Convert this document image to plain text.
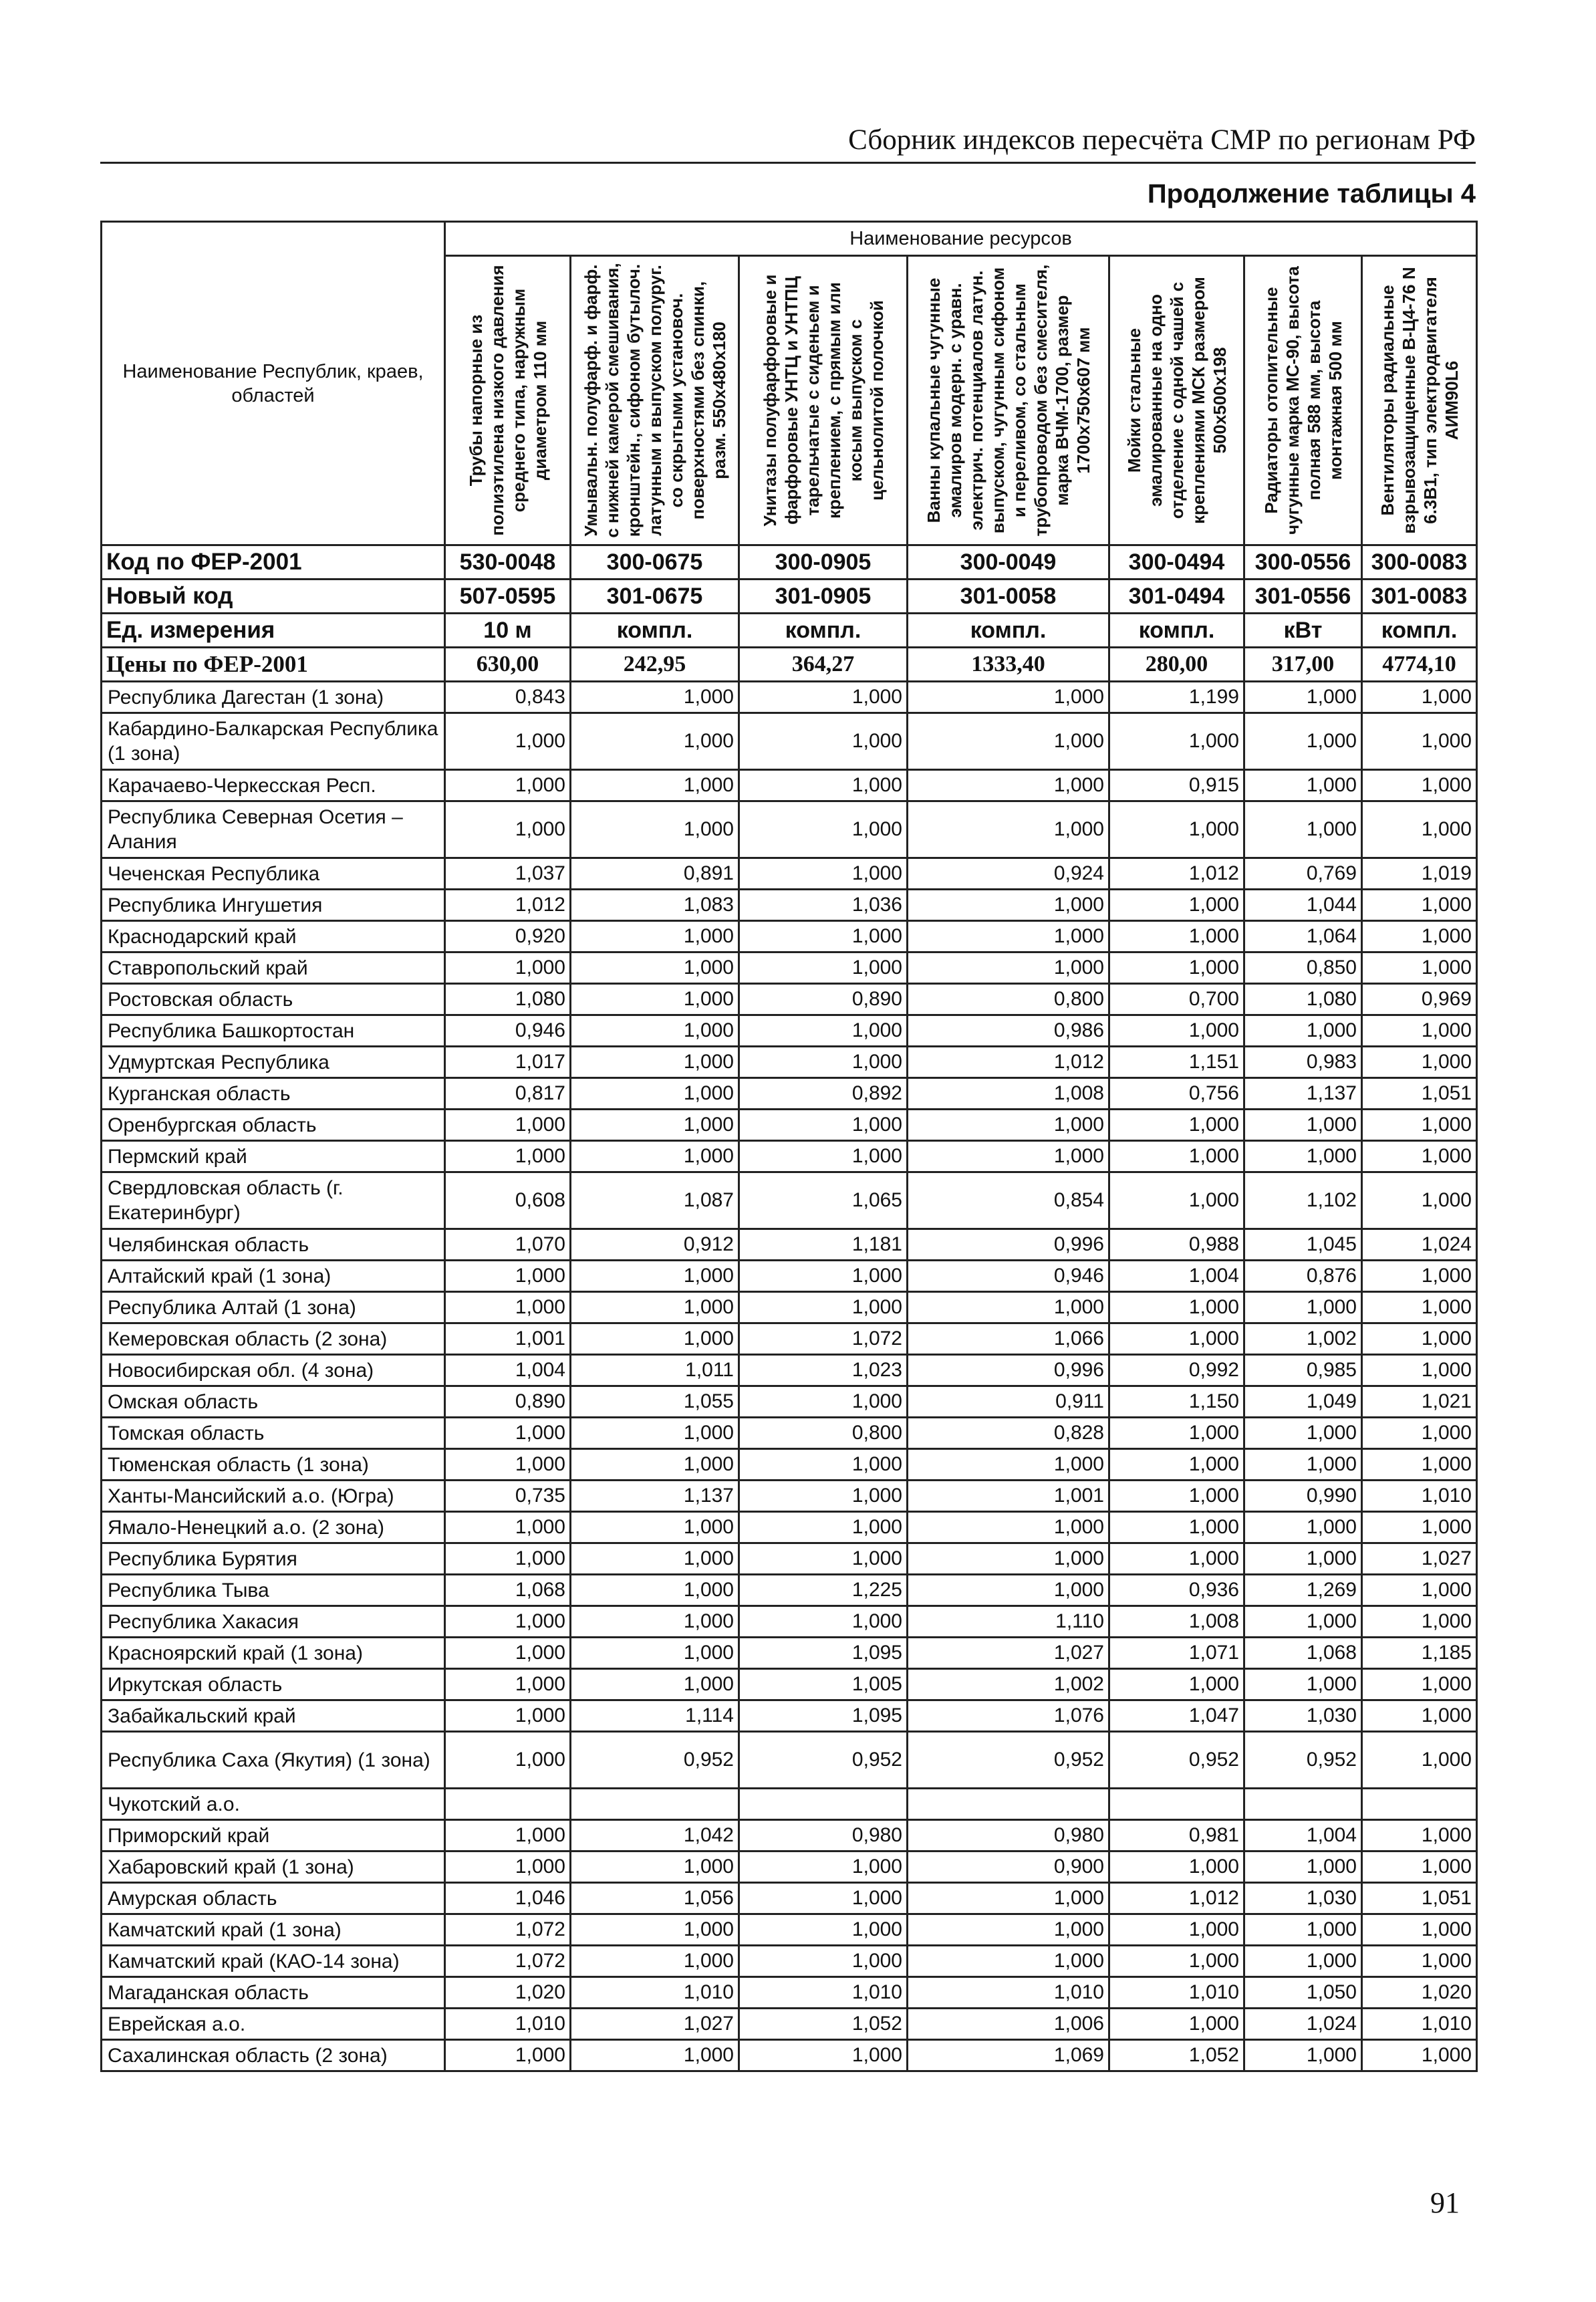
Сборник индексов пересчёта СМР по регионам РФ
Продолжение таблицы 4
Наименование Республик, краев, областей	Наименование ресурсов						

	Трубы напорные из полиэтилена низкого давления среднего типа, наружным диаметром 110 мм	Умывальн. полуфарф. и фарф. с нижней камерой смешивания, кронштейн., сифоном бутылоч. латунным и выпуском полуруг. со скрытыми установоч. поверхностями без спинки, разм. 550x480x180	Унитазы полуфарфоровые и фарфоровые УНТЦ и УНТПЦ тарельчатые с сиденьем и креплением, с прямым или косым выпуском с цельнолитой полочкой	Ванны купальные чугунные эмалиров модерн. с уравн. электрич. потенциалов латун. выпуском, чугунным сифоном и переливом, со стальным трубопроводом без смесителя, марка ВЧМ-1700, размер 1700x750x607 мм	Мойки стальные эмалированные на одно отделение с одной чашей с креплениями МСК размером 500x500x198	Радиаторы отопительные чугунные марка МС-90, высота полная 588 мм, высота монтажная 500 мм	Вентиляторы радиальные взрывозащищенные В-Ц4-76 N 6.3В1, тип электродвигателя АИМ90L6

Код по ФЕР-2001	530-0048	300-0675	300-0905	300-0049	300-0494	300-0556	300-0083
Новый код	507-0595	301-0675	301-0905	301-0058	301-0494	301-0556	301-0083
Ед. измерения	10 м	компл.	компл.	компл.	компл.	кВт	компл.
Цены по ФЕР-2001	630,00	242,95	364,27	1333,40	280,00	317,00	4774,10
Республика Дагестан (1 зона)	0,843	1,000	1,000	1,000	1,199	1,000	1,000
Кабардино-Балкарская Республика (1 зона)	1,000	1,000	1,000	1,000	1,000	1,000	1,000
Карачаево-Черкесская Респ.	1,000	1,000	1,000	1,000	0,915	1,000	1,000
Республика Северная Осетия – Алания	1,000	1,000	1,000	1,000	1,000	1,000	1,000
Чеченская Республика	1,037	0,891	1,000	0,924	1,012	0,769	1,019
Республика Ингушетия	1,012	1,083	1,036	1,000	1,000	1,044	1,000
Краснодарский край	0,920	1,000	1,000	1,000	1,000	1,064	1,000
Ставропольский край	1,000	1,000	1,000	1,000	1,000	0,850	1,000
Ростовская область	1,080	1,000	0,890	0,800	0,700	1,080	0,969
Республика Башкортостан	0,946	1,000	1,000	0,986	1,000	1,000	1,000
Удмуртская Республика	1,017	1,000	1,000	1,012	1,151	0,983	1,000
Курганская область	0,817	1,000	0,892	1,008	0,756	1,137	1,051
Оренбургская область	1,000	1,000	1,000	1,000	1,000	1,000	1,000
Пермский край	1,000	1,000	1,000	1,000	1,000	1,000	1,000
Свердловская область (г. Екатеринбург)	0,608	1,087	1,065	0,854	1,000	1,102	1,000
Челябинская область	1,070	0,912	1,181	0,996	0,988	1,045	1,024
Алтайский край (1 зона)	1,000	1,000	1,000	0,946	1,004	0,876	1,000
Республика Алтай (1 зона)	1,000	1,000	1,000	1,000	1,000	1,000	1,000
Кемеровская область (2 зона)	1,001	1,000	1,072	1,066	1,000	1,002	1,000
Новосибирская обл. (4 зона)	1,004	1,011	1,023	0,996	0,992	0,985	1,000
Омская область	0,890	1,055	1,000	0,911	1,150	1,049	1,021
Томская область	1,000	1,000	0,800	0,828	1,000	1,000	1,000
Тюменская область (1 зона)	1,000	1,000	1,000	1,000	1,000	1,000	1,000
Ханты-Мансийский а.о. (Югра)	0,735	1,137	1,000	1,001	1,000	0,990	1,010
Ямало-Ненецкий а.о. (2 зона)	1,000	1,000	1,000	1,000	1,000	1,000	1,000
Республика Бурятия	1,000	1,000	1,000	1,000	1,000	1,000	1,027
Республика Тыва	1,068	1,000	1,225	1,000	0,936	1,269	1,000
Республика Хакасия	1,000	1,000	1,000	1,110	1,008	1,000	1,000
Красноярский край (1 зона)	1,000	1,000	1,095	1,027	1,071	1,068	1,185
Иркутская область	1,000	1,000	1,005	1,002	1,000	1,000	1,000
Забайкальский край	1,000	1,114	1,095	1,076	1,047	1,030	1,000
Республика Саха (Якутия) (1 зона)	1,000	0,952	0,952	0,952	0,952	0,952	1,000
Чукотский а.о.							
Приморский край	1,000	1,042	0,980	0,980	0,981	1,004	1,000
Хабаровский край (1 зона)	1,000	1,000	1,000	0,900	1,000	1,000	1,000
Амурская область	1,046	1,056	1,000	1,000	1,012	1,030	1,051
Камчатский край (1 зона)	1,072	1,000	1,000	1,000	1,000	1,000	1,000
Камчатский край (КАО-14 зона)	1,072	1,000	1,000	1,000	1,000	1,000	1,000
Магаданская область	1,020	1,010	1,010	1,010	1,010	1,050	1,020
Еврейская а.о.	1,010	1,027	1,052	1,006	1,000	1,024	1,010
Сахалинская область (2 зона)	1,000	1,000	1,000	1,069	1,052	1,000	1,000
91
